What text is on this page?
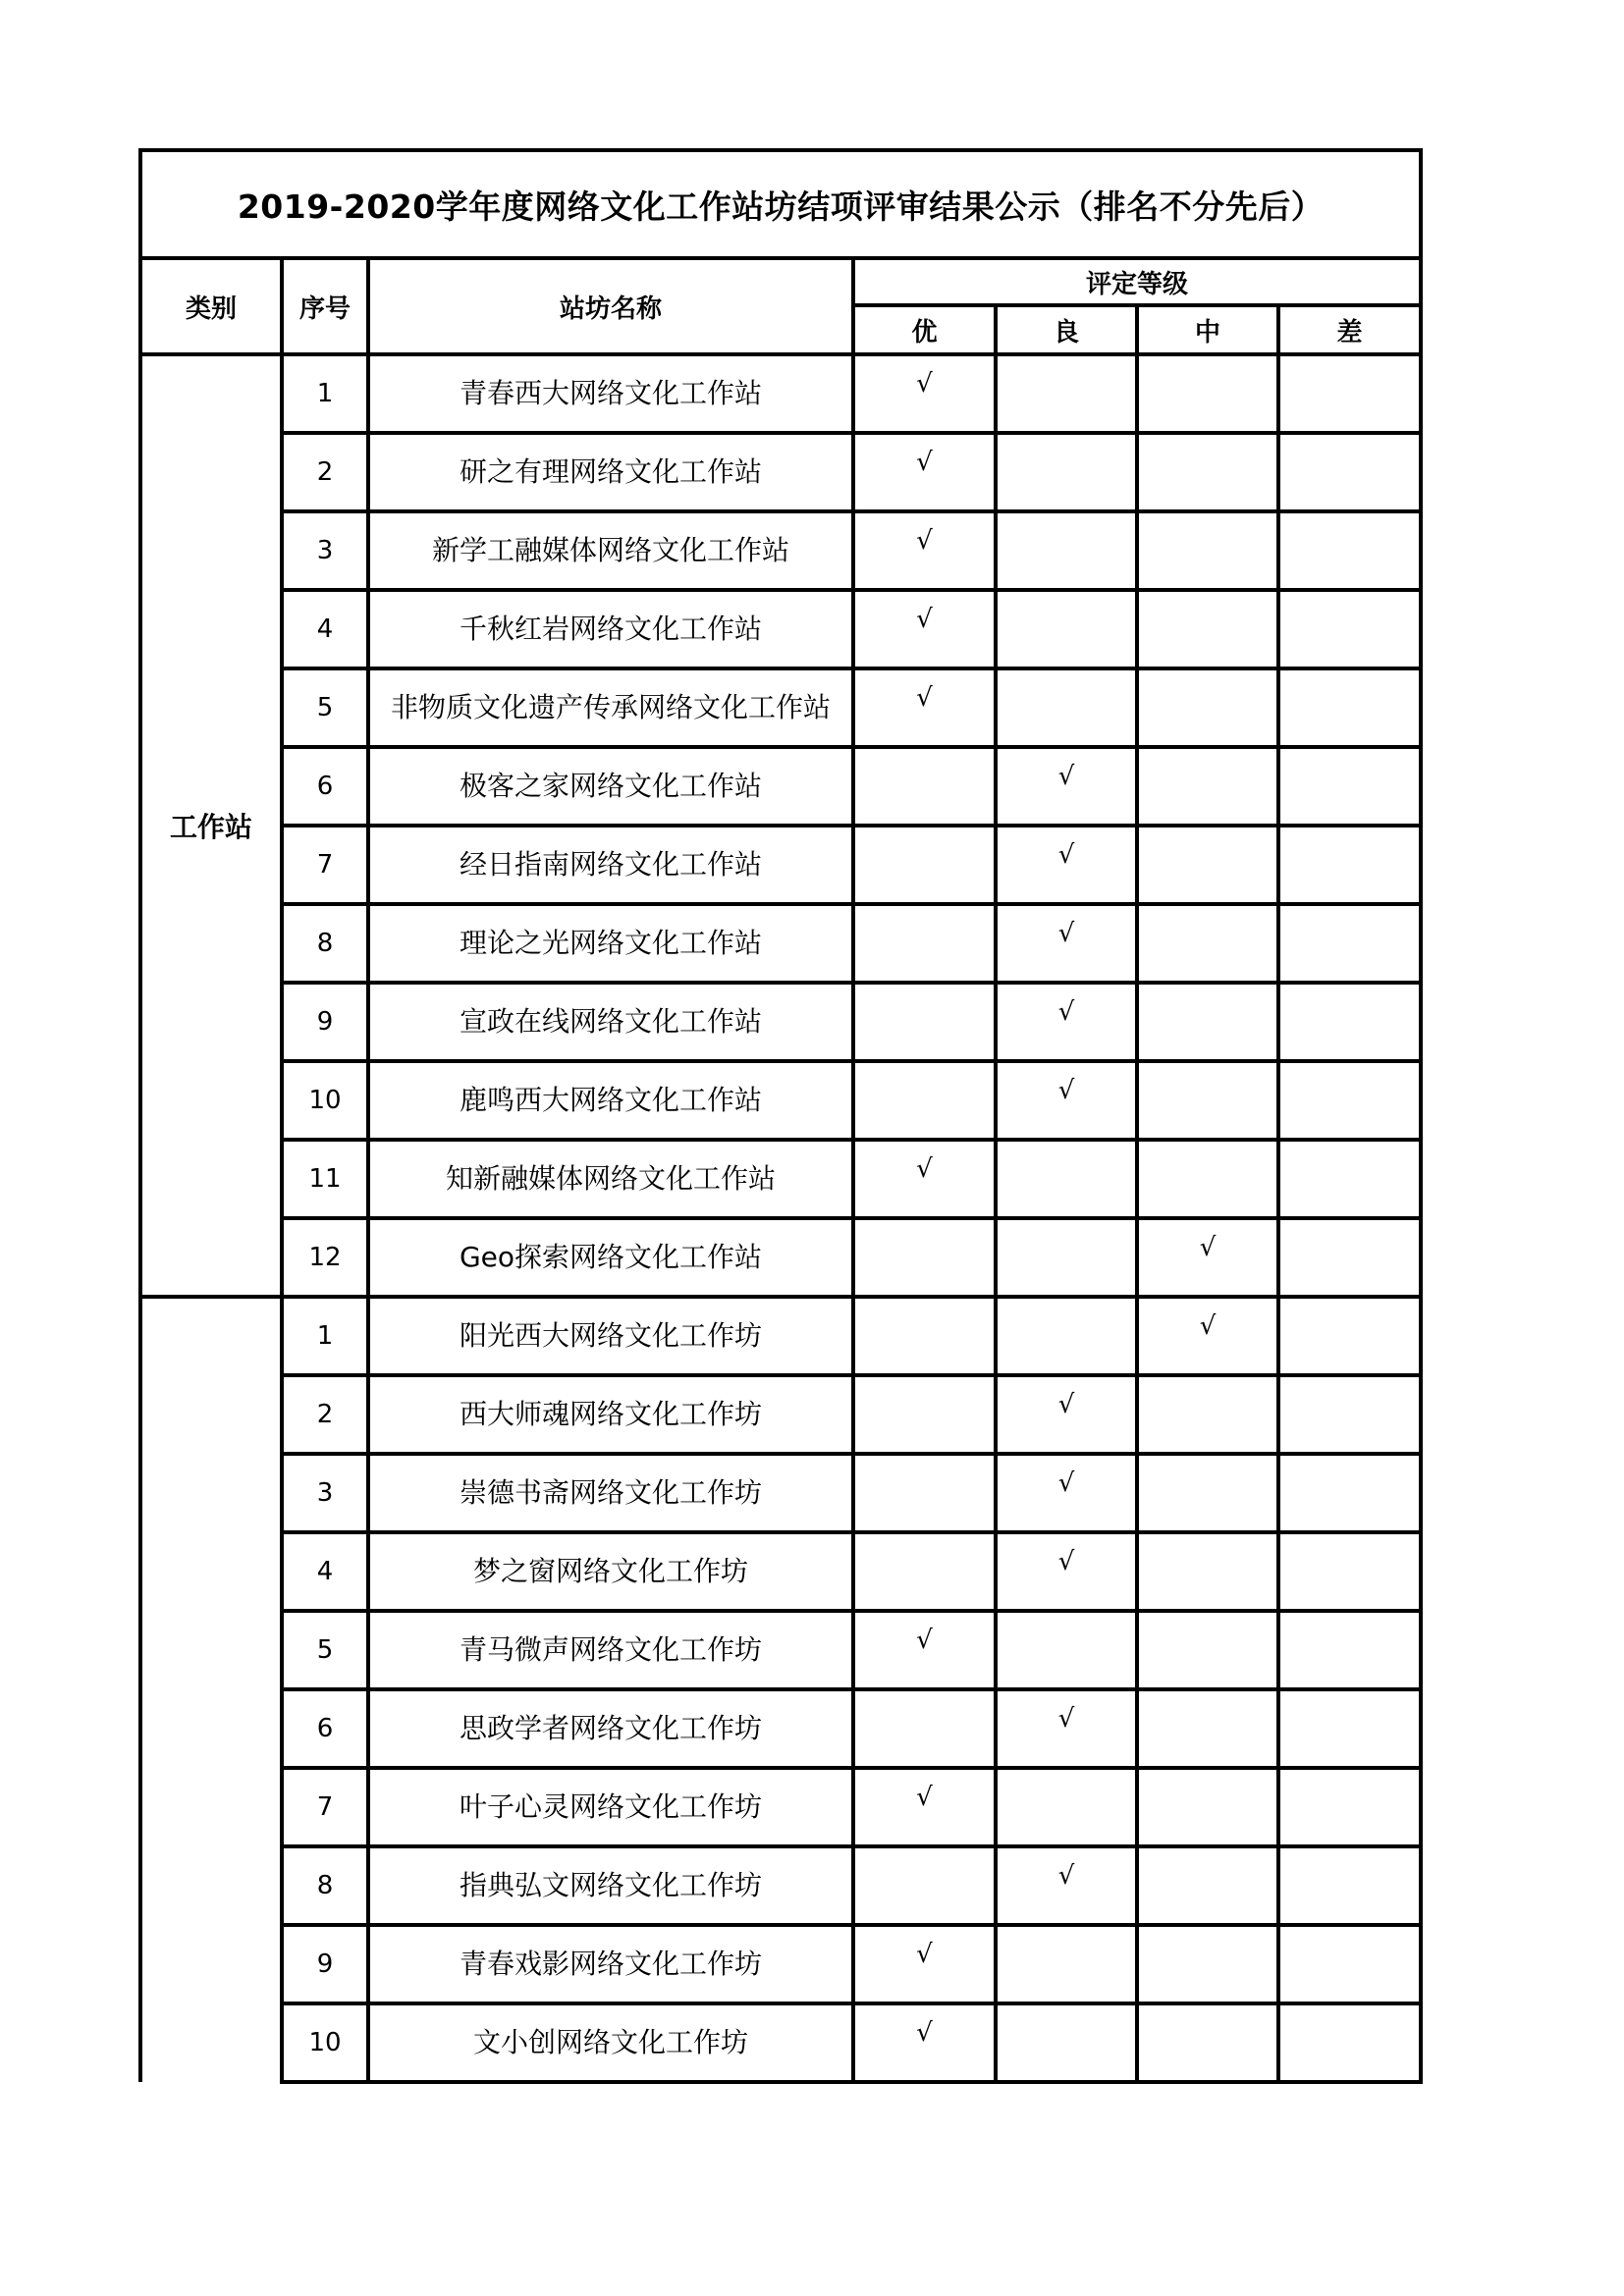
2019-2020学年度网络文化工作站坊结项评审结果公示（排名不分先后）						
类别	序号	站坊名称	评定等级			
			优	良	中	差
工作站	1	青春西大网络文化工作站	√			
	2	研之有理网络文化工作站	√			
	3	新学工融媒体网络文化工作站	√			
	4	千秋红岩网络文化工作站	√			
	5	非物质文化遗产传承网络文化工作站	√			
	6	极客之家网络文化工作站		√		
	7	经日指南网络文化工作站		√		
	8	理论之光网络文化工作站		√		
	9	宣政在线网络文化工作站		√		
	10	鹿鸣西大网络文化工作站		√		
	11	知新融媒体网络文化工作站	√			
	12	Geo探索网络文化工作站			√	
	1	阳光西大网络文化工作坊			√	
	2	西大师魂网络文化工作坊		√		
	3	崇德书斋网络文化工作坊		√		
	4	梦之窗网络文化工作坊		√		
	5	青马微声网络文化工作坊	√			
	6	思政学者网络文化工作坊		√		
	7	叶子心灵网络文化工作坊	√			
	8	指典弘文网络文化工作坊		√		
	9	青春戏影网络文化工作坊	√			
	10	文小创网络文化工作坊	√			
